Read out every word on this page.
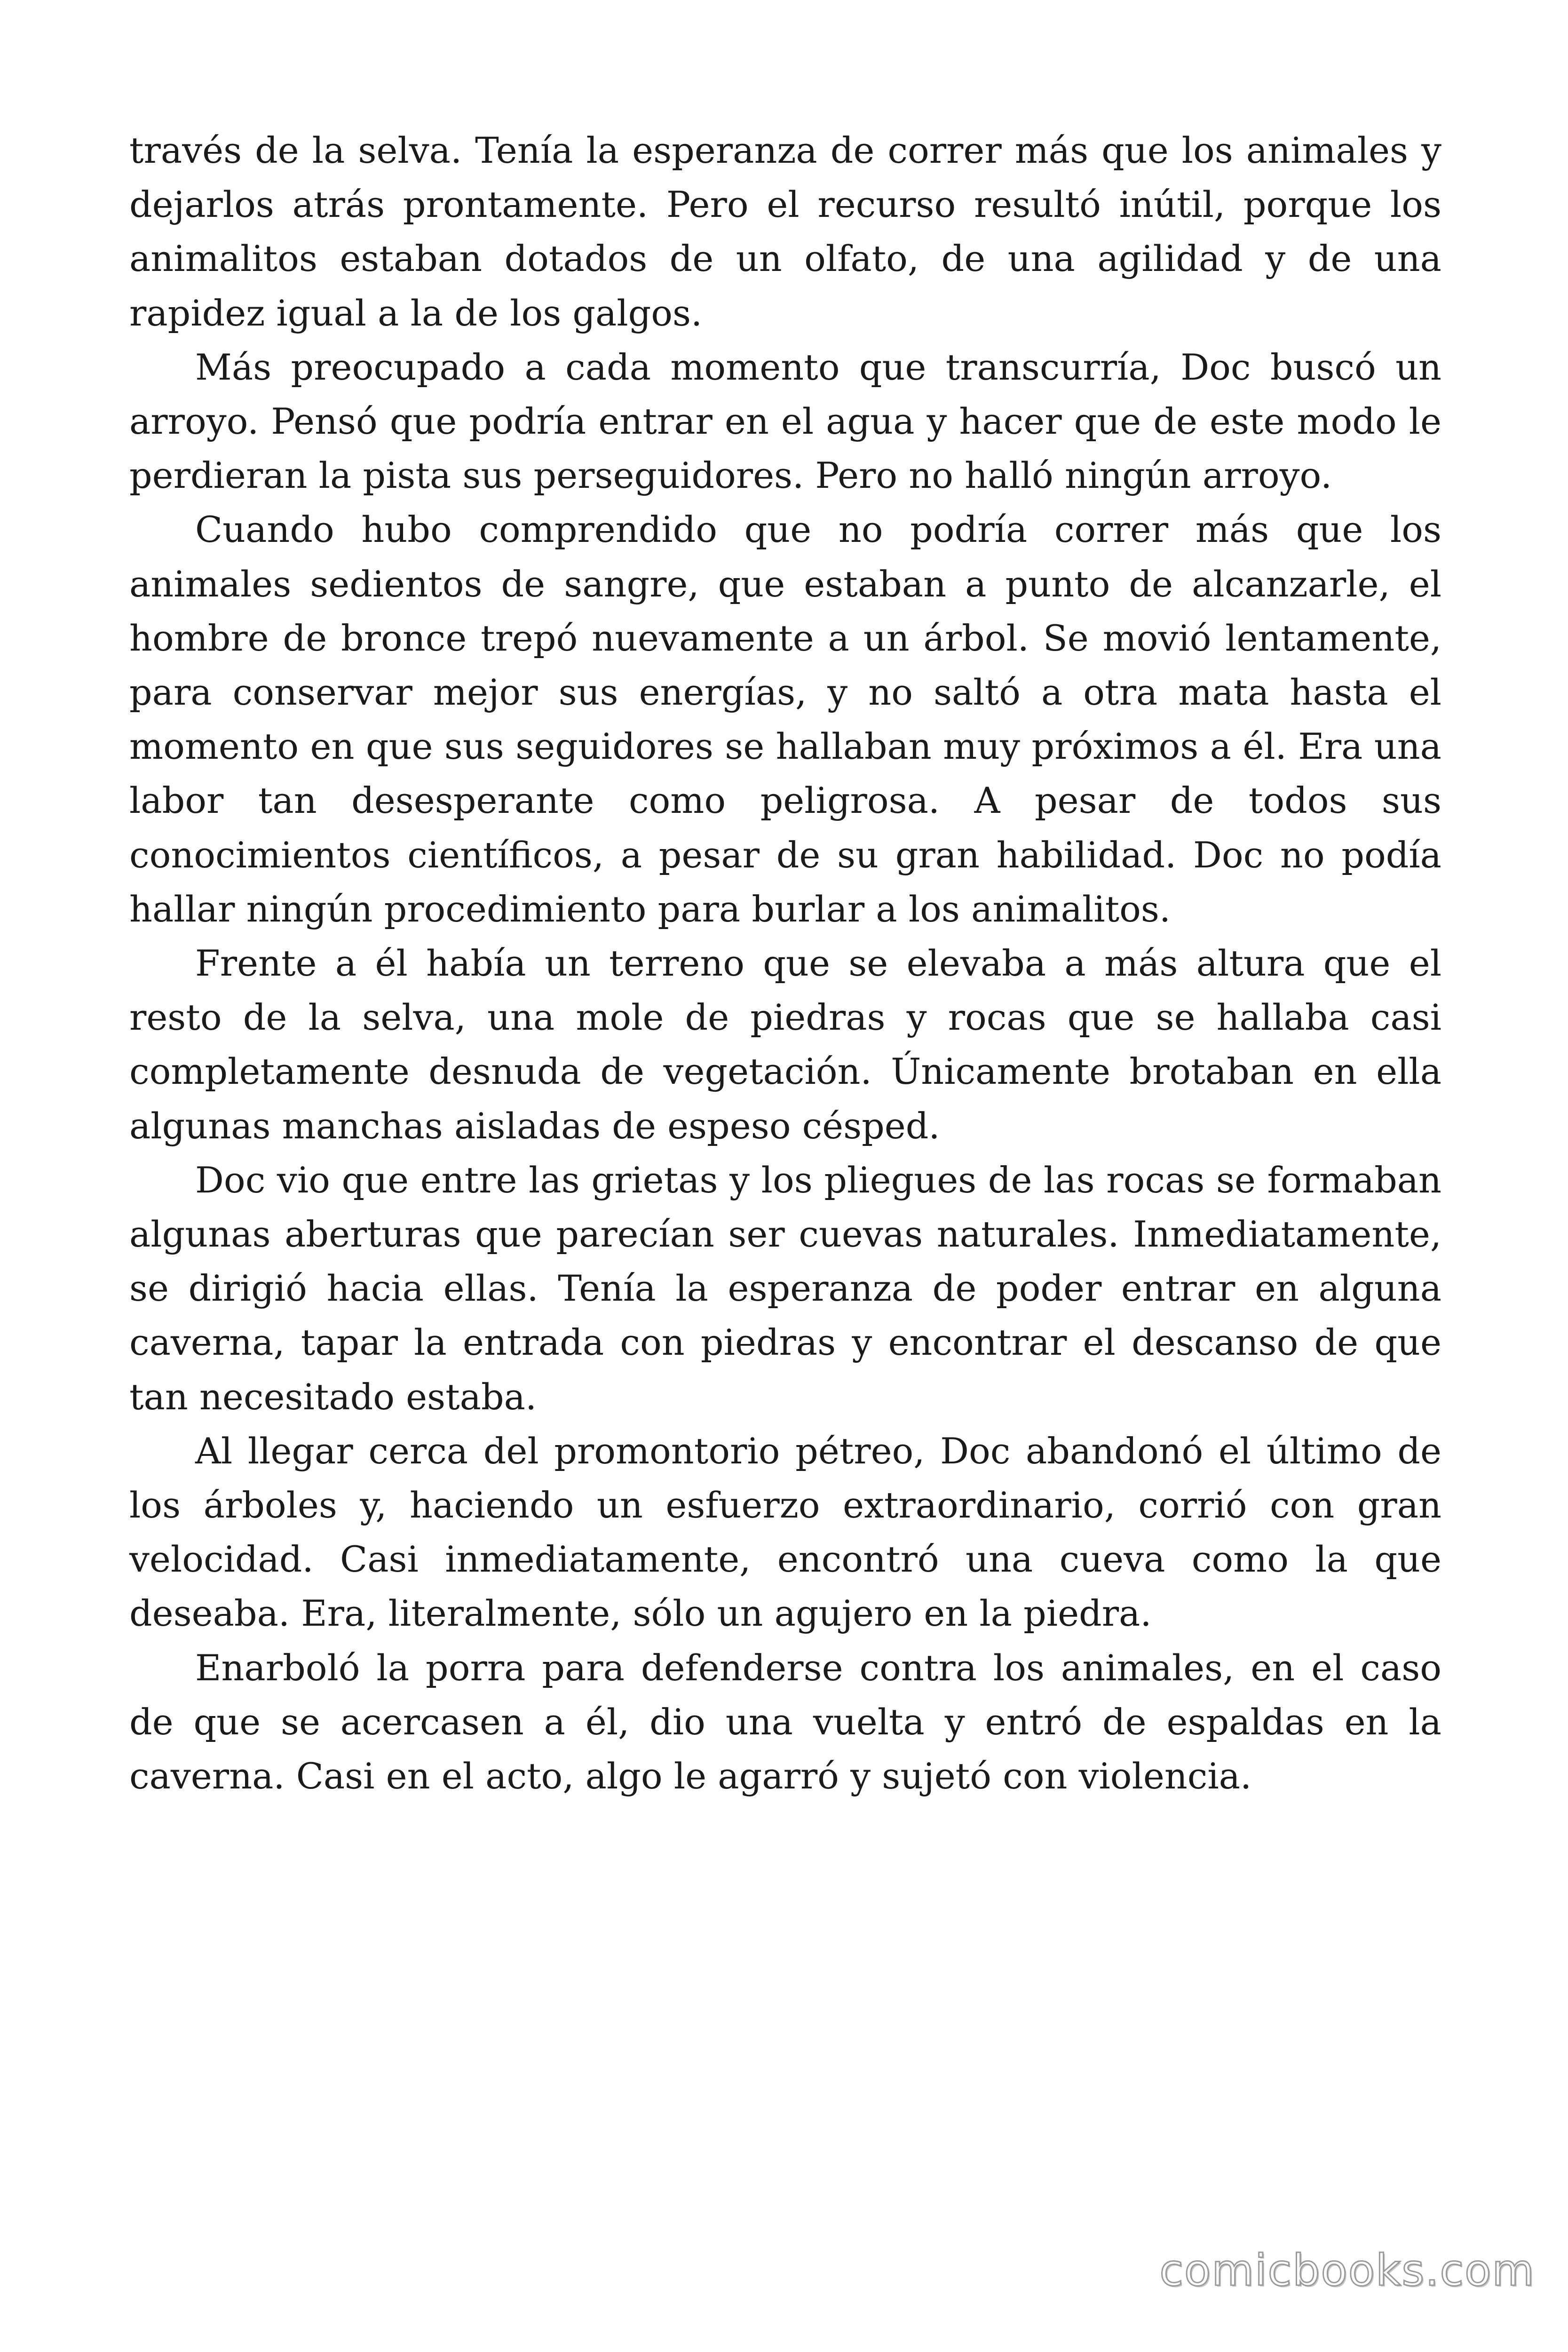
través de la selva. Tenía la esperanza de correr más que los animales y dejarlos atrás prontamente. Pero el recurso resultó inútil, porque los animalitos estaban dotados de un olfato, de una agilidad y de una rapidez igual a la de los galgos.

Más preocupado a cada momento que transcurría, Doc buscó un arroyo. Pensó que podría entrar en el agua y hacer que de este modo le perdieran la pista sus perseguidores. Pero no halló ningún arroyo.

Cuando hubo comprendido que no podría correr más que los animales sedientos de sangre, que estaban a punto de alcanzarle, el hombre de bronce trepó nuevamente a un árbol. Se movió lentamente, para conservar mejor sus energías, y no saltó a otra mata hasta el momento en que sus seguidores se hallaban muy próximos a él. Era una labor tan desesperante como peligrosa. A pesar de todos sus conocimientos científicos, a pesar de su gran habilidad. Doc no podía hallar ningún procedimiento para burlar a los animalitos.

Frente a él había un terreno que se elevaba a más altura que el resto de la selva, una mole de piedras y rocas que se hallaba casi completamente desnuda de vegetación. Únicamente brotaban en ella algunas manchas aisladas de espeso césped.

Doc vio que entre las grietas y los pliegues de las rocas se formaban algunas aberturas que parecían ser cuevas naturales. Inmediatamente, se dirigió hacia ellas. Tenía la esperanza de poder entrar en alguna caverna, tapar la entrada con piedras y encontrar el descanso de que tan necesitado estaba.

Al llegar cerca del promontorio pétreo, Doc abandonó el último de los árboles y, haciendo un esfuerzo extraordinario, corrió con gran velocidad. Casi inmediatamente, encontró una cueva como la que deseaba. Era, literalmente, sólo un agujero en la piedra.

Enarboló la porra para defenderse contra los animales, en el caso de que se acercasen a él, dio una vuelta y entró de espaldas en la caverna. Casi en el acto, algo le agarró y sujetó con violencia.

comicbooks.com
